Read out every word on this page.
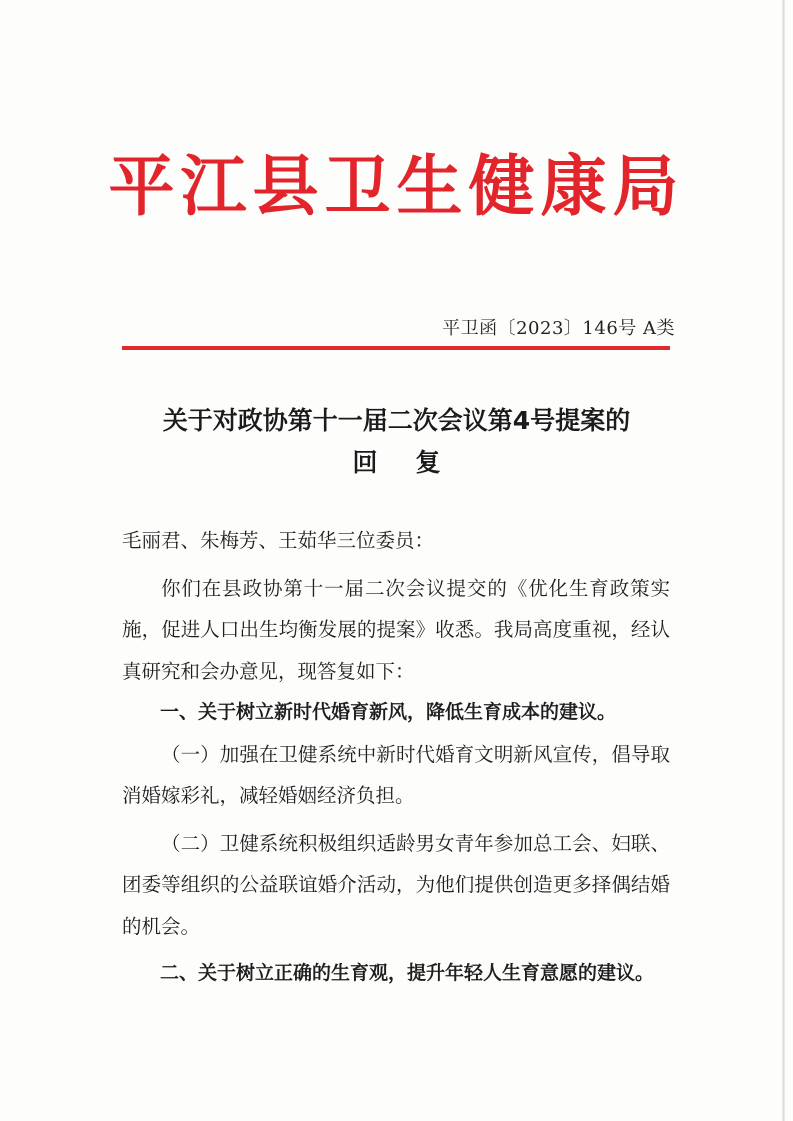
平江县卫生健康局
平卫函〔2023〕146号 A类
关于对政协第十一届二次会议第4号提案的
回复

毛丽君、朱梅芳、王茹华三位委员：

你们在县政协第十一届二次会议提交的《优化生育政策实施，促进人口出生均衡发展的提案》收悉。我局高度重视，经认真研究和会办意见，现答复如下：

一、关于树立新时代婚育新风，降低生育成本的建议。

（一）加强在卫健系统中新时代婚育文明新风宣传，倡导取消婚嫁彩礼，减轻婚姻经济负担。

（二）卫健系统积极组织适龄男女青年参加总工会、妇联、团委等组织的公益联谊婚介活动，为他们提供创造更多择偶结婚的机会。

二、关于树立正确的生育观，提升年轻人生育意愿的建议。
